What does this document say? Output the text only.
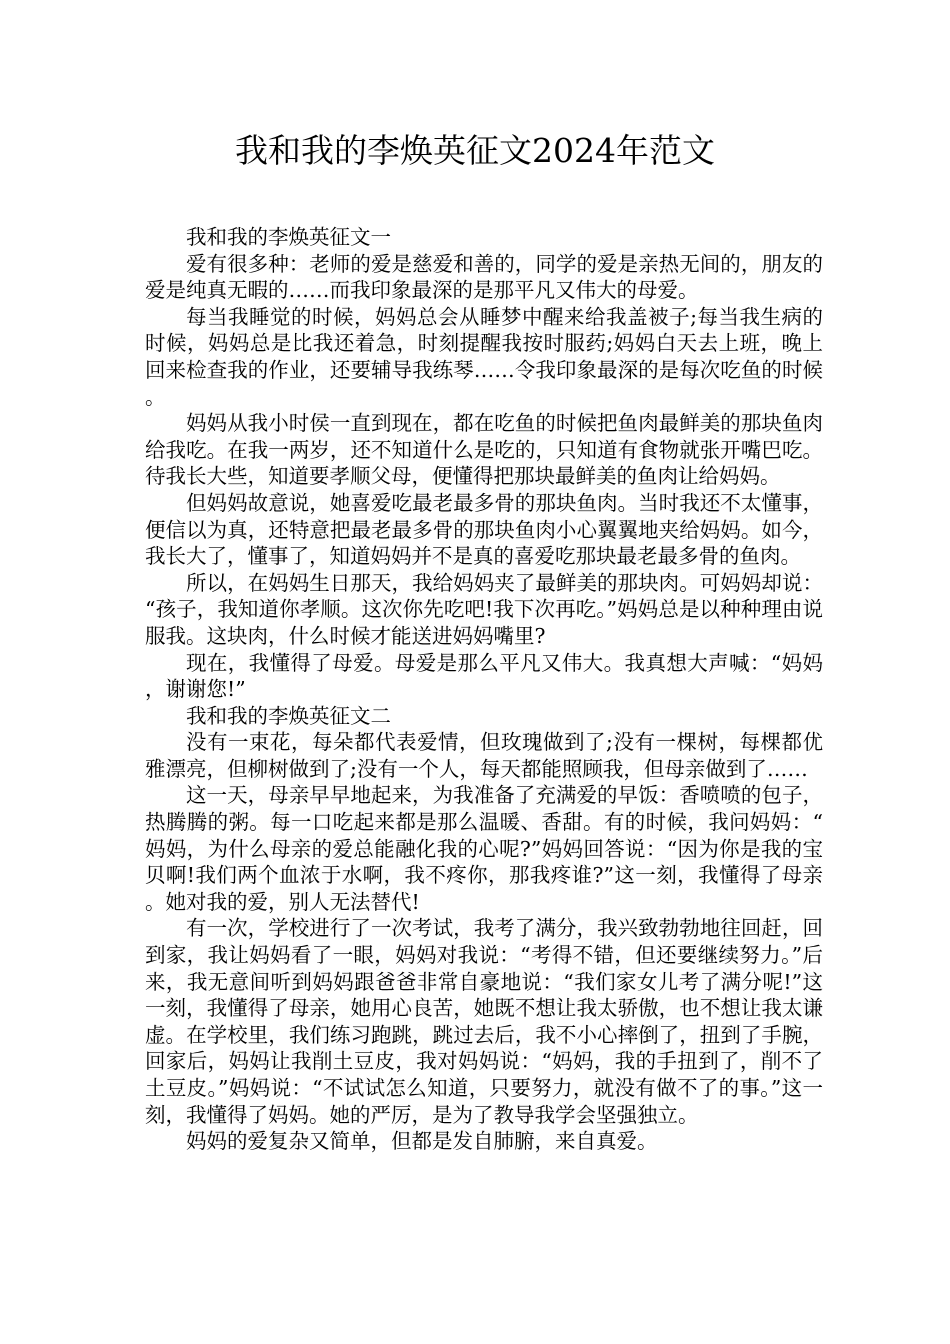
我和我的李焕英征文2024年范文

我和我的李焕英征文一

爱有很多种：老师的爱是慈爱和善的，同学的爱是亲热无间的，朋友的爱是纯真无暇的……而我印象最深的是那平凡又伟大的母爱。

每当我睡觉的时候，妈妈总会从睡梦中醒来给我盖被子;每当我生病的时候，妈妈总是比我还着急，时刻提醒我按时服药;妈妈白天去上班，晚上回来检查我的作业，还要辅导我练琴……令我印象最深的是每次吃鱼的时候。

妈妈从我小时侯一直到现在，都在吃鱼的时候把鱼肉最鲜美的那块鱼肉给我吃。在我一两岁，还不知道什么是吃的，只知道有食物就张开嘴巴吃。待我长大些，知道要孝顺父母，便懂得把那块最鲜美的鱼肉让给妈妈。

但妈妈故意说，她喜爱吃最老最多骨的那块鱼肉。当时我还不太懂事，便信以为真，还特意把最老最多骨的那块鱼肉小心翼翼地夹给妈妈。如今，我长大了，懂事了，知道妈妈并不是真的喜爱吃那块最老最多骨的鱼肉。

所以，在妈妈生日那天，我给妈妈夹了最鲜美的那块肉。可妈妈却说：“孩子，我知道你孝顺。这次你先吃吧!我下次再吃。”妈妈总是以种种理由说服我。这块肉，什么时候才能送进妈妈嘴里?

现在，我懂得了母爱。母爱是那么平凡又伟大。我真想大声喊：“妈妈，谢谢您!”

我和我的李焕英征文二

没有一束花，每朵都代表爱情，但玫瑰做到了;没有一棵树，每棵都优雅漂亮，但柳树做到了;没有一个人，每天都能照顾我，但母亲做到了……

这一天，母亲早早地起来，为我准备了充满爱的早饭：香喷喷的包子，热腾腾的粥。每一口吃起来都是那么温暖、香甜。有的时候，我问妈妈：“妈妈，为什么母亲的爱总能融化我的心呢?”妈妈回答说：“因为你是我的宝贝啊!我们两个血浓于水啊，我不疼你，那我疼谁?”这一刻，我懂得了母亲。她对我的爱，别人无法替代!

有一次，学校进行了一次考试，我考了满分，我兴致勃勃地往回赶，回到家，我让妈妈看了一眼，妈妈对我说：“考得不错，但还要继续努力。”后来，我无意间听到妈妈跟爸爸非常自豪地说：“我们家女儿考了满分呢!”这一刻，我懂得了母亲，她用心良苦，她既不想让我太骄傲，也不想让我太谦虚。在学校里，我们练习跑跳，跳过去后，我不小心摔倒了，扭到了手腕，回家后，妈妈让我削土豆皮，我对妈妈说：“妈妈，我的手扭到了，削不了土豆皮。”妈妈说：“不试试怎么知道，只要努力，就没有做不了的事。”这一刻，我懂得了妈妈。她的严厉，是为了教导我学会坚强独立。

妈妈的爱复杂又简单，但都是发自肺腑，来自真爱。
